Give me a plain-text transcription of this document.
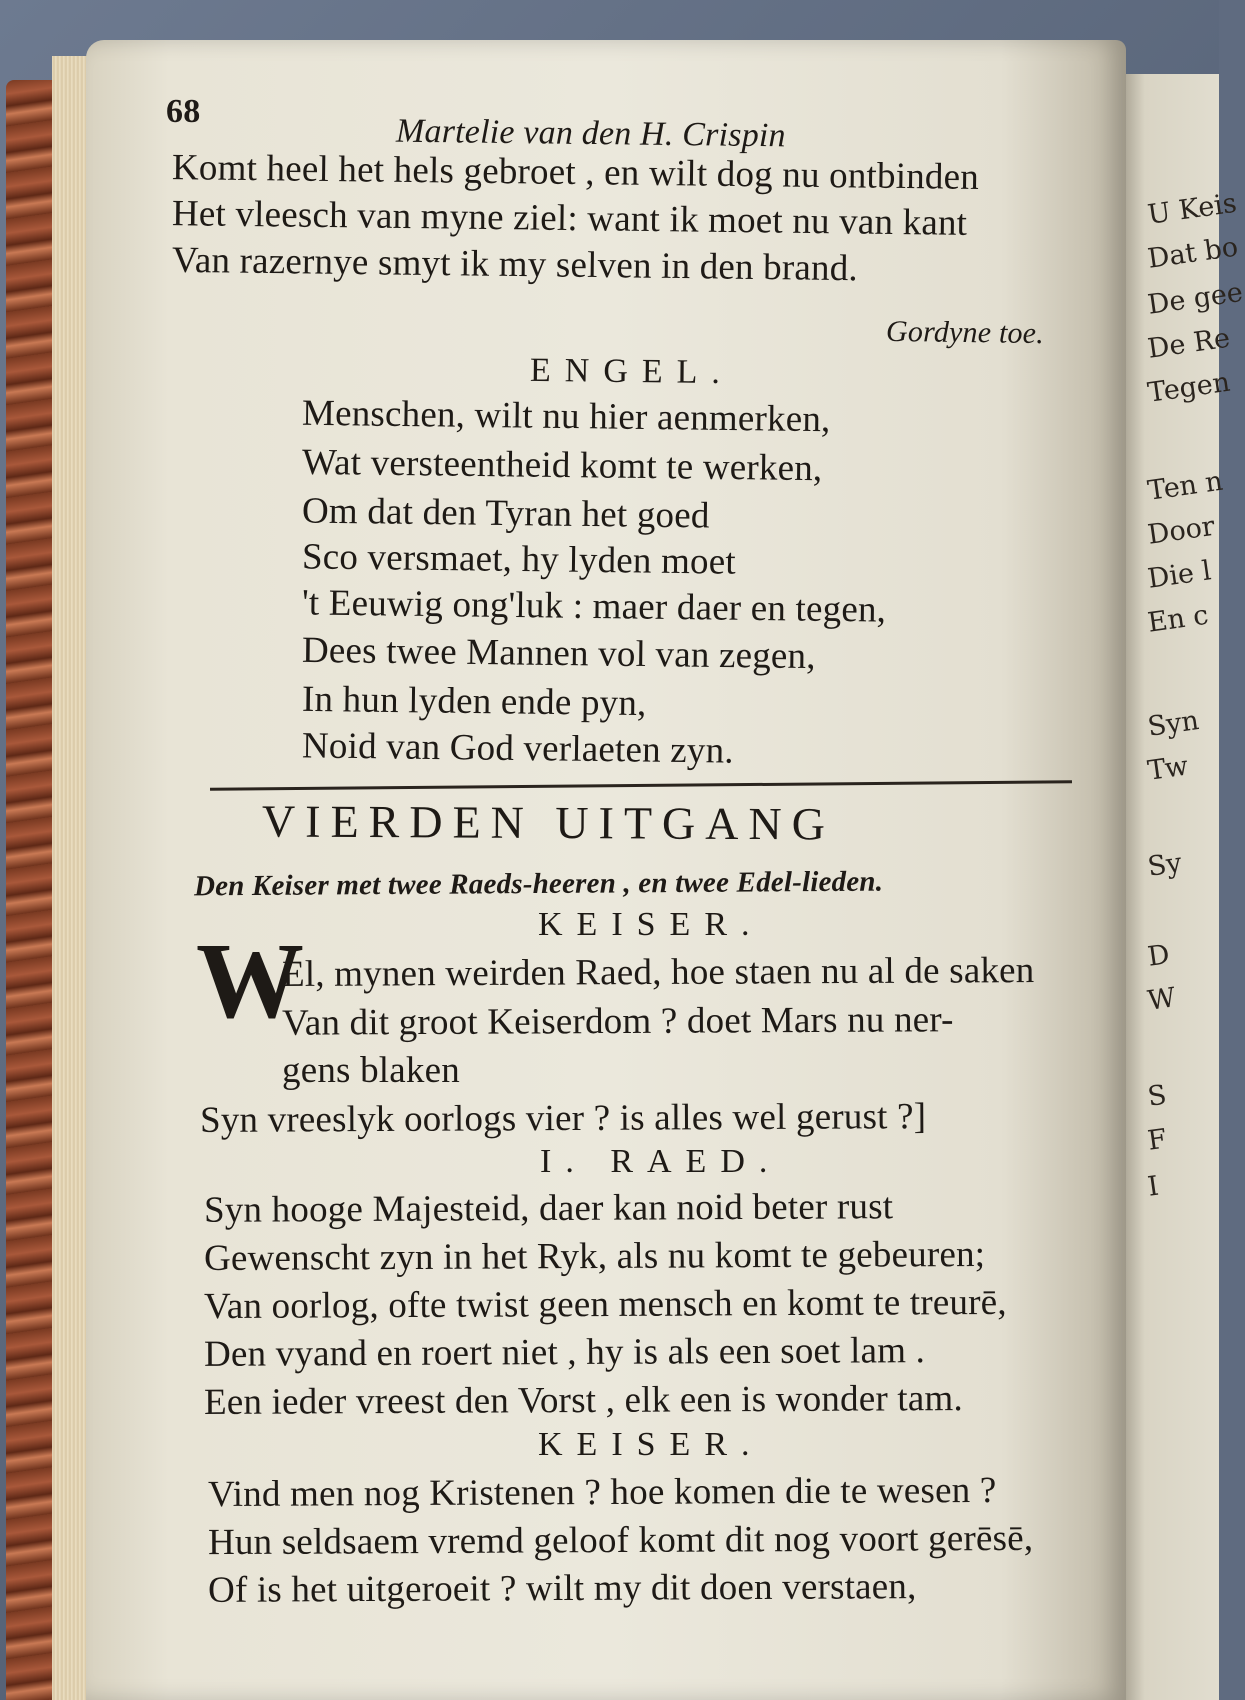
U Keis
Dat bo
De gee
De Re
Tegen
Ten n
Door
Die l
En c
Syn
Tw
Sy
D
W
S
F
I
68
Martelie van den H. Crispin
Komt heel het hels gebroet , en wilt dog nu ontbinden
Het vleesch van myne ziel: want ik moet nu van kant
Van razernye smyt ik my selven in den brand.
Gordyne toe.
ENGEL.
Menschen, wilt nu hier aenmerken,
Wat versteentheid komt te werken,
Om dat den Tyran het goed
Sco versmaet, hy lyden moet
't Eeuwig ong'luk : maer daer en tegen,
Dees twee Mannen vol van zegen,
In hun lyden ende pyn,
Noid van God verlaeten zyn.
VIERDEN UITGANG
Den Keiser met twee Raeds-heeren , en twee Edel-lieden.
KEISER.
W
El, mynen weirden Raed, hoe staen nu al de saken
Van dit groot Keiserdom ? doet Mars nu ner-
gens blaken
Syn vreeslyk oorlogs vier ? is alles wel gerust ?]
I. RAED.
Syn hooge Majesteid, daer kan noid beter rust
Gewenscht zyn in het Ryk, als nu komt te gebeuren;
Van oorlog, ofte twist geen mensch en komt te treurē,
Den vyand en roert niet , hy is als een soet lam .
Een ieder vreest den Vorst , elk een is wonder tam.
KEISER.
Vind men nog Kristenen ? hoe komen die te wesen ?
Hun seldsaem vremd geloof komt dit nog voort gerēsē,
Of is het uitgeroeit ? wilt my dit doen verstaen,
